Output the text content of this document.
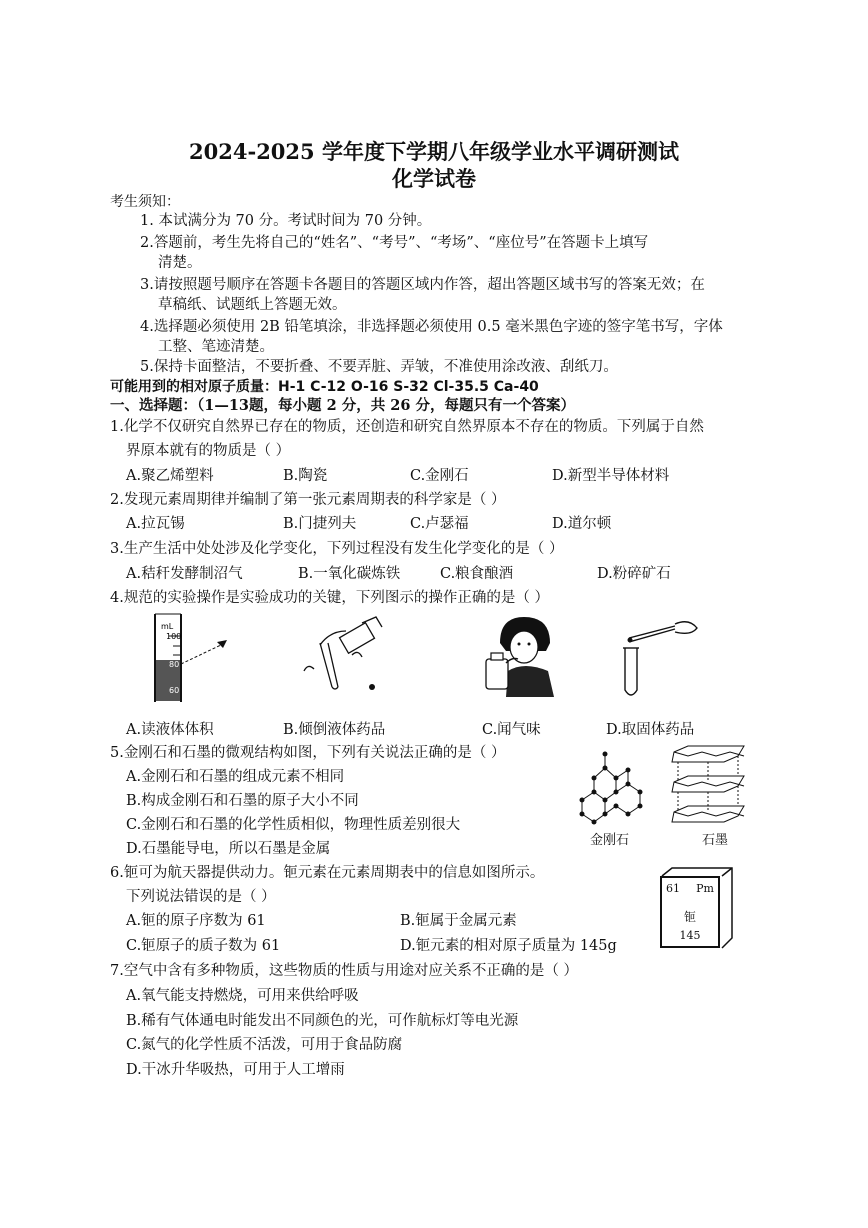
2024-2025 学年度下学期八年级学业水平调研测试
化学试卷
考生须知：
1. 本试满分为 70 分。考试时间为 70 分钟。
2.答题前，考生先将自己的“姓名”、“考号”、“考场”、“座位号”在答题卡上填写
清楚。
3.请按照题号顺序在答题卡各题目的答题区域内作答，超出答题区域书写的答案无效；在
草稿纸、试题纸上答题无效。
4.选择题必须使用 2B 铅笔填涂，非选择题必须使用 0.5 毫米黑色字迹的签字笔书写，字体
工整、笔迹清楚。
5.保持卡面整洁，不要折叠、不要弄脏、弄皱，不准使用涂改液、刮纸刀。
可能用到的相对原子质量：H-1 C-12 O-16 S-32 Cl-35.5 Ca-40
一、选择题：（1—13题，每小题 2 分，共 26 分，每题只有一个答案）
1.化学不仅研究自然界已存在的物质，还创造和研究自然界原本不存在的物质。下列属于自然
界原本就有的物质是（ ）
A.聚乙烯塑料	B.陶瓷	C.金刚石	D.新型半导体材料
2.发现元素周期律并编制了第一张元素周期表的科学家是（ ）
A.拉瓦锡	B.门捷列夫	C.卢瑟福	D.道尔顿
3.生产生活中处处涉及化学变化，下列过程没有发生化学变化的是（ ）
A.秸秆发酵制沼气	B.一氧化碳炼铁	C.粮食酿酒	D.粉碎矿石
4.规范的实验操作是实验成功的关键，下列图示的操作正确的是（ ）
mL
100
80
60
A.读液体体积	B.倾倒液体药品	C.闻气味	D.取固体药品
5.金刚石和石墨的微观结构如图，下列有关说法正确的是（ ）
A.金刚石和石墨的组成元素不相同
B.构成金刚石和石墨的原子大小不同
C.金刚石和石墨的化学性质相似，物理性质差别很大
D.石墨能导电，所以石墨是金属
金刚石	石墨
6.钷可为航天器提供动力。钷元素在元素周期表中的信息如图所示。
下列说法错误的是（ ）
A.钷的原子序数为 61	B.钷属于金属元素
C.钷原子的质子数为 61	D.钷元素的相对原子质量为 145g
61 Pm
钷
145
7.空气中含有多种物质，这些物质的性质与用途对应关系不正确的是（ ）
A.氧气能支持燃烧，可用来供给呼吸
B.稀有气体通电时能发出不同颜色的光，可作航标灯等电光源
C.氮气的化学性质不活泼，可用于食品防腐
D.干冰升华吸热，可用于人工增雨
